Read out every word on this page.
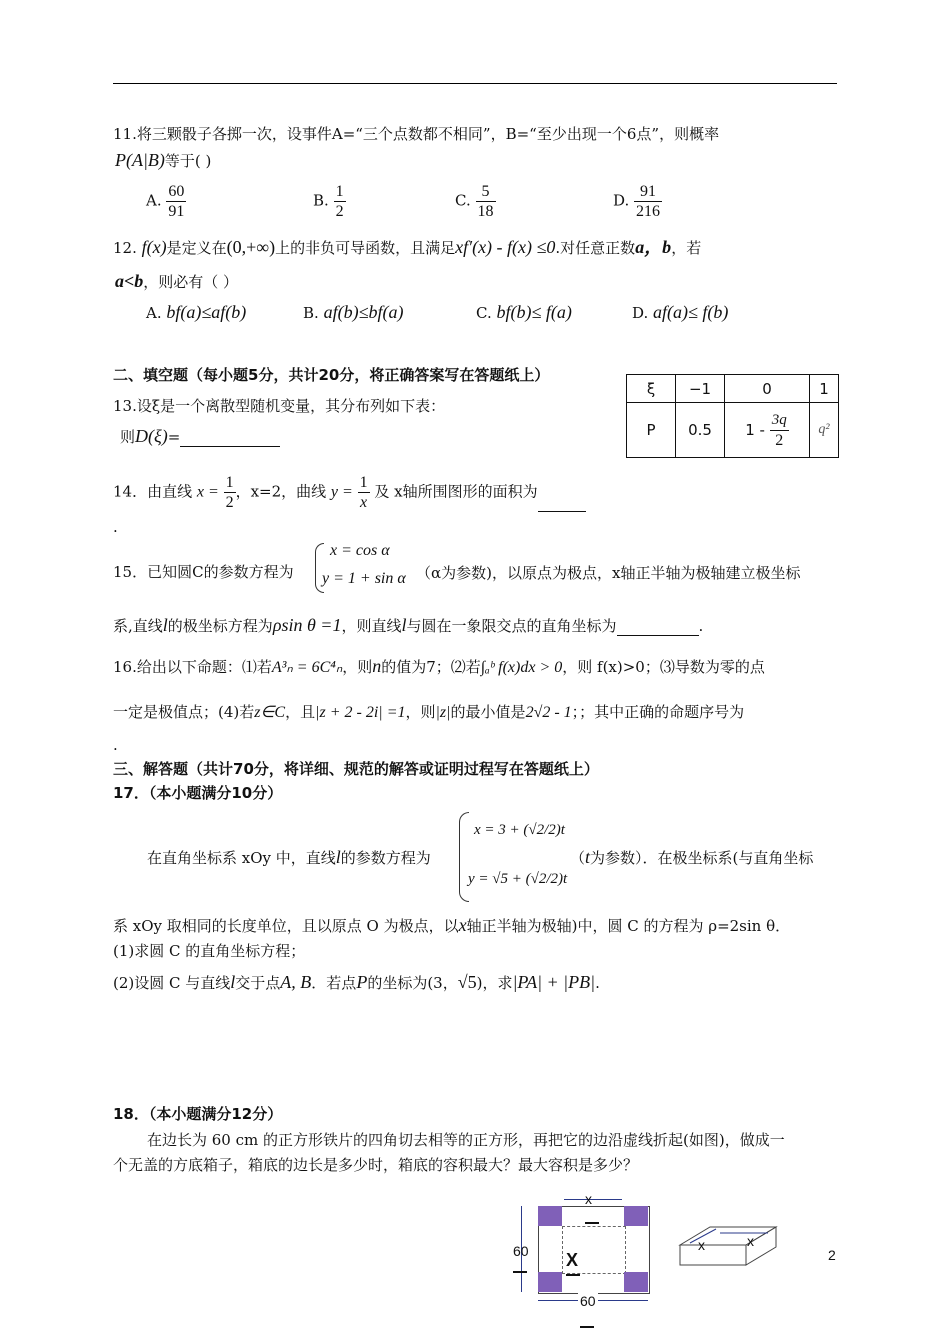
11.将三颗骰子各掷一次，设事件A=“三个点数都不相同”，B=“至少出现一个6点”，则概率
P(A|B)等于( )
A. $\frac{60}{91}$	B. $\frac{1}{2}$	C. $\frac{5}{18}$	D. $\frac{91}{216}$
12. f(x)是定义在(0,+∞)上的非负可导函数，且满足xf′(x) - f(x) ≤0.对任意正数a，b，若
a<b，则必有（ ）
A. bf(a)≤af(b)	B. af(b)≤bf(a)	C. bf(b)≤ f(a)	D. af(a)≤ f(b)
二、填空题（每小题5分，共计20分，将正确答案写在答题纸上）
13.设ξ是一个离散型随机变量，其分布列如下表：
则D(ξ)=
ξ	−1	0	1
P	0.5	$1 - \frac{3q}{2}$	q²
14．由直线 $x = \frac{1}{2}$ ，x=2，曲线 $y = \frac{1}{x}$ 及 x轴所围图形的面积为
.
15．已知圆C的参数方程为
x = cos α
y = 1 + sin α （α为参数)，以原点为极点，x轴正半轴为极轴建立极坐标
系,直线l的极坐标方程为ρsin θ =1，则直线l与圆在一象限交点的直角坐标为	.
16.给出以下命题：⑴若A³ₙ = 6C⁴ₙ，则n的值为7；⑵若∫ₐᵇ f(x)dx > 0，则 f(x)>0；⑶导数为零的点
一定是极值点；(4)若z∈C，且|z + 2 - 2i| =1，则|z|的最小值是2√2 - 1；；其中正确的命题序号为
.
三、解答题（共计70分，将详细、规范的解答或证明过程写在答题纸上）
17．（本小题满分10分）
在直角坐标系 xOy 中，直线l的参数方程为
x = 3 + (√2/2)t
y = √5 + (√2/2)t
（t为参数）．在极坐标系(与直角坐标
系 xOy 取相同的长度单位，且以原点 O 为极点，以x轴正半轴为极轴)中，圆 C 的方程为 ρ=2sin θ．
(1)求圆 C 的直角坐标方程；
(2)设圆 C 与直线l交于点A, B．若点P的坐标为(3，√5)，求|PA| + |PB|.
18．（本小题满分12分）
在边长为 60 cm 的正方形铁片的四角切去相等的正方形，再把它的边沿虚线折起(如图)，做成一
个无盖的方底箱子，箱底的边长是多少时，箱底的容积最大？最大容积是多少？
x
60 X
60
x	x
2
